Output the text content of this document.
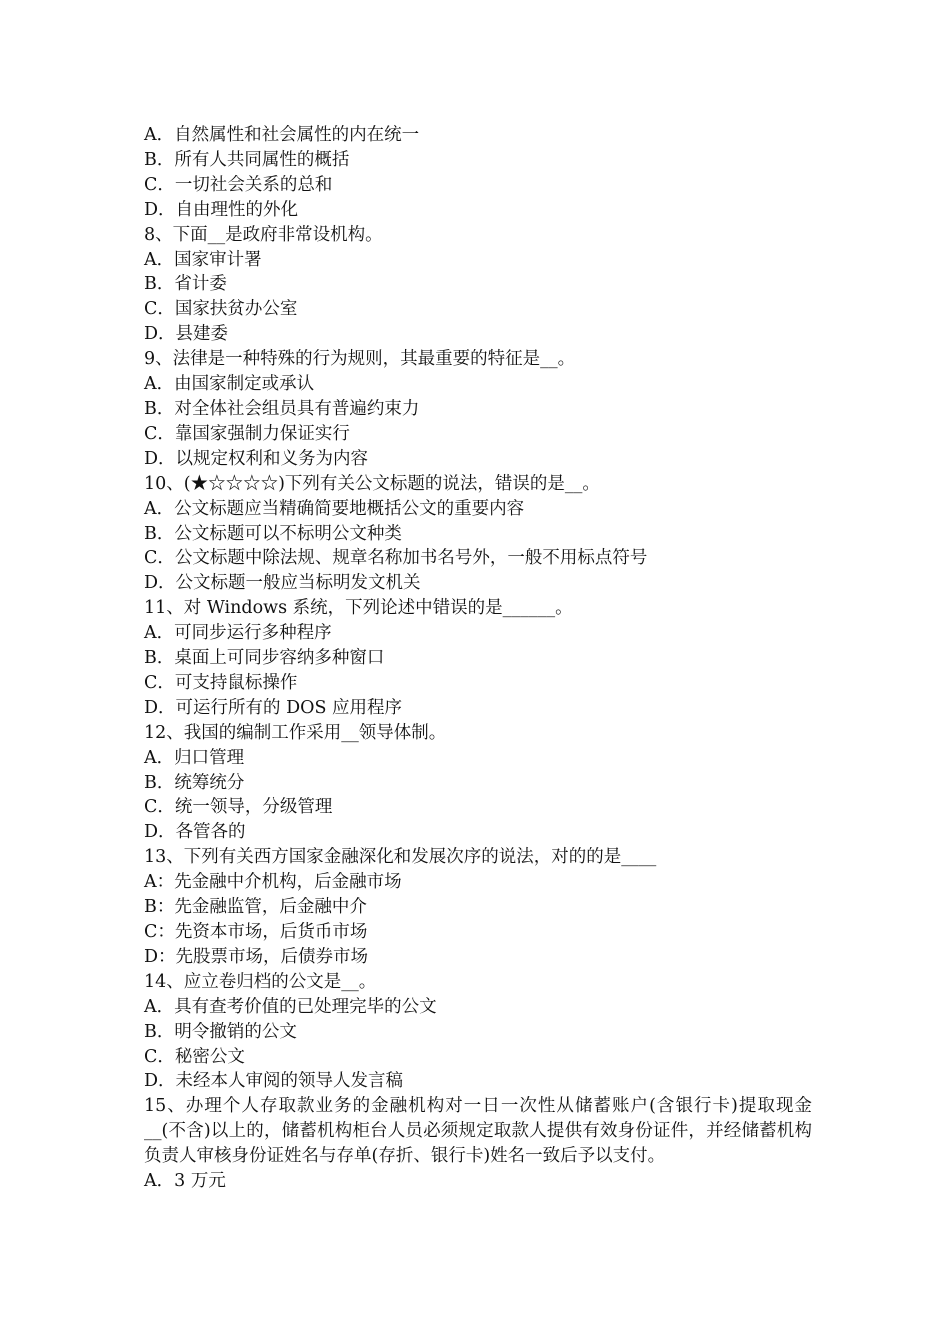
A．自然属性和社会属性的内在统一
B．所有人共同属性的概括
C．一切社会关系的总和
D．自由理性的外化
8、下面__是政府非常设机构。
A．国家审计署
B．省计委
C．国家扶贫办公室
D．县建委
9、法律是一种特殊的行为规则，其最重要的特征是__。
A．由国家制定或承认
B．对全体社会组员具有普遍约束力
C．靠国家强制力保证实行
D．以规定权利和义务为内容
10、(★☆☆☆☆)下列有关公文标题的说法，错误的是__。
A．公文标题应当精确简要地概括公文的重要内容
B．公文标题可以不标明公文种类
C．公文标题中除法规、规章名称加书名号外，一般不用标点符号
D．公文标题一般应当标明发文机关
11、对 Windows 系统，下列论述中错误的是______。
A．可同步运行多种程序
B．桌面上可同步容纳多种窗口
C．可支持鼠标操作
D．可运行所有的 DOS 应用程序
12、我国的编制工作采用__领导体制。
A．归口管理
B．统筹统分
C．统一领导，分级管理
D．各管各的
13、下列有关西方国家金融深化和发展次序的说法，对的的是____
A：先金融中介机构，后金融市场
B：先金融监管，后金融中介
C：先资本市场，后货币市场
D：先股票市场，后债券市场
14、应立卷归档的公文是__。
A．具有查考价值的已处理完毕的公文
B．明令撤销的公文
C．秘密公文
D．未经本人审阅的领导人发言稿
15、办理个人存取款业务的金融机构对一日一次性从储蓄账户(含银行卡)提取现金__(不含)以上的，储蓄机构柜台人员必须规定取款人提供有效身份证件，并经储蓄机构负责人审核身份证姓名与存单(存折、银行卡)姓名一致后予以支付。
A．3 万元
